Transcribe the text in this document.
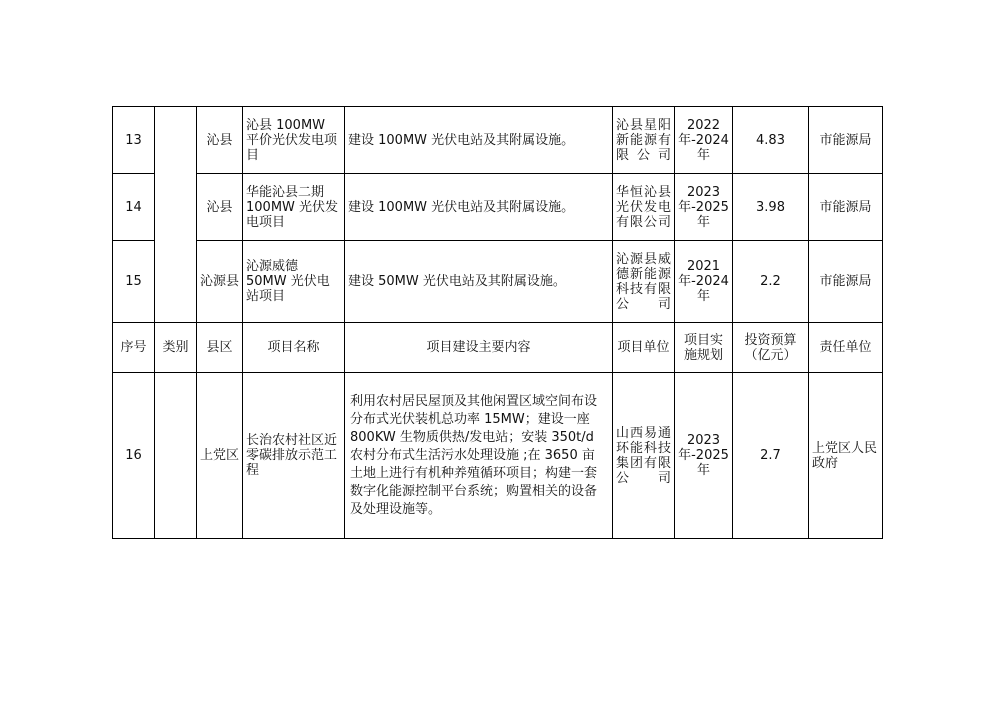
13		沁县	沁县 100MW 平价光伏发电项目	建设 100MW 光伏电站及其附属设施。	沁县星阳新能源有限公司	2022年-2024年	4.83	市能源局
14		沁县	华能沁县二期 100MW 光伏发电项目	建设 100MW 光伏电站及其附属设施。	华恒沁县光伏发电有限公司	2023年-2025年	3.98	市能源局
15		沁源县	沁源威德 50MW 光伏电站项目	建设 50MW 光伏电站及其附属设施。	沁源县威德新能源科技有限公司	2021年-2024年	2.2	市能源局
序号	类别	县区	项目名称	项目建设主要内容	项目单位	项目实施规划	投资预算（亿元）	责任单位
16		上党区	长治农村社区近零碳排放示范工程	利用农村居民屋顶及其他闲置区域空间布设分布式光伏装机总功率 15MW；建设一座 800KW 生物质供热/发电站；安装 350t/d 农村分布式生活污水处理设施 ;在 3650 亩土地上进行有机种养殖循环项目；构建一套数字化能源控制平台系统；购置相关的设备及处理设施等。	山西易通环能科技集团有限公司	2023年-2025年	2.7	上党区人民政府
